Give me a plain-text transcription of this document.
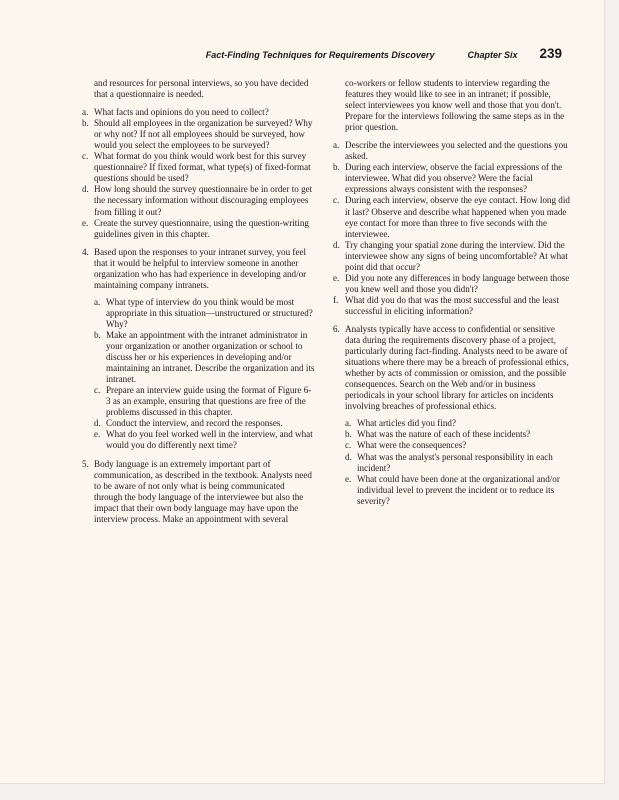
Fact-Finding Techniques for Requirements Discovery	Chapter Six 239

and resources for personal interviews, so you have decided that a questionnaire is needed.

a. What facts and opinions do you need to collect?
b. Should all employees in the organization be surveyed? Why or why not? If not all employees should be surveyed, how would you select the employees to be surveyed?
c. What format do you think would work best for this survey questionnaire? If fixed format, what type(s) of fixed-format questions should be used?
d. How long should the survey questionnaire be in order to get the necessary information without discouraging employees from filling it out?
e. Create the survey questionnaire, using the question-writing guidelines given in this chapter.
4. Based upon the responses to your intranet survey, you feel that it would be helpful to interview someone in another organization who has had experience in developing and/or maintaining company intranets.

a. What type of interview do you think would be most appropriate in this situation—unstructured or structured? Why?
b. Make an appointment with the intranet administrator in your organization or another organization or school to discuss her or his experiences in developing and/or maintaining an intranet. Describe the organization and its intranet.
c. Prepare an interview guide using the format of Figure 6-3 as an example, ensuring that questions are free of the problems discussed in this chapter.
d. Conduct the interview, and record the responses.
e. What do you feel worked well in the interview, and what would you do differently next time?
5. Body language is an extremely important part of communication, as described in the textbook. Analysts need to be aware of not only what is being communicated through the body language of the interviewee but also the impact that their own body language may have upon the interview process. Make an appointment with several

co-workers or fellow students to interview regarding the features they would like to see in an intranet; if possible, select interviewees you know well and those that you don't. Prepare for the interviews following the same steps as in the prior question.

a. Describe the interviewees you selected and the questions you asked.
b. During each interview, observe the facial expressions of the interviewee. What did you observe? Were the facial expressions always consistent with the responses?
c. During each interview, observe the eye contact. How long did it last? Observe and describe what happened when you made eye contact for more than three to five seconds with the interviewee.
d. Try changing your spatial zone during the interview. Did the interviewee show any signs of being uncomfortable? At what point did that occur?
e. Did you note any differences in body language between those you knew well and those you didn't?
f. What did you do that was the most successful and the least successful in eliciting information?
6. Analysts typically have access to confidential or sensitive data during the requirements discovery phase of a project, particularly during fact-finding. Analysts need to be aware of situations where there may be a breach of professional ethics, whether by acts of commission or omission, and the possible consequences. Search on the Web and/or in business periodicals in your school library for articles on incidents involving breaches of professional ethics.

a. What articles did you find?
b. What was the nature of each of these incidents?
c. What were the consequences?
d. What was the analyst's personal responsibility in each incident?
e. What could have been done at the organizational and/or individual level to prevent the incident or to reduce its severity?
